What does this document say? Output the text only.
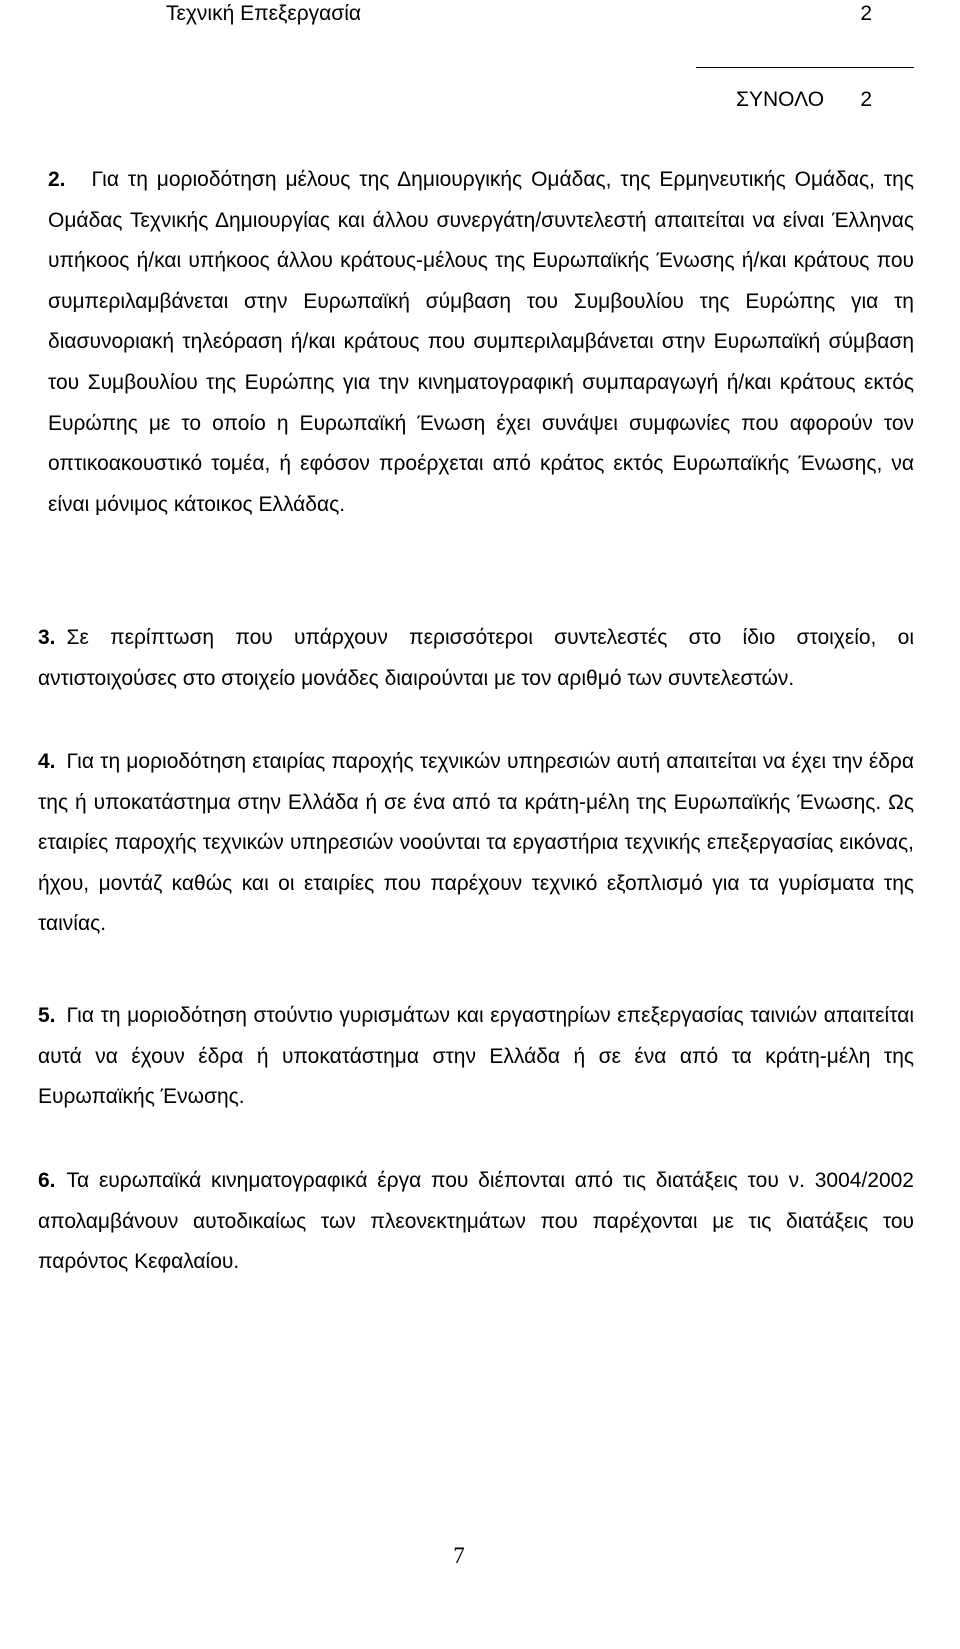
Τεχνική Επεξεργασία	2
ΣΥΝΟΛΟ 2
2. Για τη μοριοδότηση μέλους της Δημιουργικής Ομάδας, της Ερμηνευτικής Ομάδας, της Ομάδας Τεχνικής Δημιουργίας και άλλου συνεργάτη/συντελεστή απαιτείται να είναι Έλληνας υπήκοος ή/και υπήκοος άλλου κράτους-μέλους της Ευρωπαϊκής Ένωσης ή/και κράτους που συμπεριλαμβάνεται στην Ευρωπαϊκή σύμβαση του Συμβουλίου της Ευρώπης για τη διασυνοριακή τηλεόραση ή/και κράτους που συμπεριλαμβάνεται στην Ευρωπαϊκή σύμβαση του Συμβουλίου της Ευρώπης για την κινηματογραφική συμπαραγωγή ή/και κράτους εκτός Ευρώπης με το οποίο η Ευρωπαϊκή Ένωση έχει συνάψει συμφωνίες που αφορούν τον οπτικοακουστικό τομέα, ή εφόσον προέρχεται από κράτος εκτός Ευρωπαϊκής Ένωσης, να είναι μόνιμος κάτοικος Ελλάδας.
3. Σε περίπτωση που υπάρχουν περισσότεροι συντελεστές στο ίδιο στοιχείο, οι αντιστοιχούσες στο στοιχείο μονάδες διαιρούνται με τον αριθμό των συντελεστών.
4. Για τη μοριοδότηση εταιρίας παροχής τεχνικών υπηρεσιών αυτή απαιτείται να έχει την έδρα της ή υποκατάστημα στην Ελλάδα ή σε ένα από τα κράτη-μέλη της Ευρωπαϊκής Ένωσης. Ως εταιρίες παροχής τεχνικών υπηρεσιών νοούνται τα εργαστήρια τεχνικής επεξεργασίας εικόνας, ήχου, μοντάζ καθώς και οι εταιρίες που παρέχουν τεχνικό εξοπλισμό για τα γυρίσματα της ταινίας.
5. Για τη μοριοδότηση στούντιο γυρισμάτων και εργαστηρίων επεξεργασίας ταινιών απαιτείται αυτά να έχουν έδρα ή υποκατάστημα στην Ελλάδα ή σε ένα από τα κράτη-μέλη της Ευρωπαϊκής Ένωσης.
6. Τα ευρωπαϊκά κινηματογραφικά έργα που διέπονται από τις διατάξεις του ν. 3004/2002 απολαμβάνουν αυτοδικαίως των πλεονεκτημάτων που παρέχονται με τις διατάξεις του παρόντος Κεφαλαίου.
7
